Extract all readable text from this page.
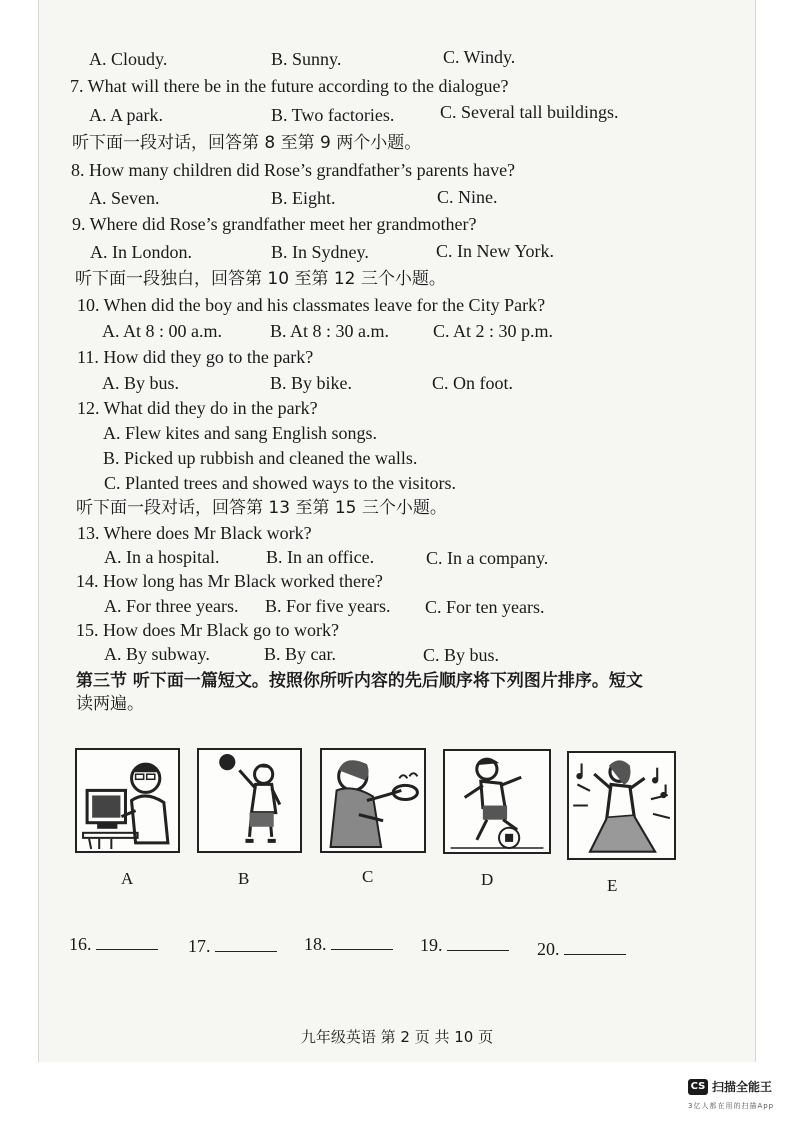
A. Cloudy.	B. Sunny.	C. Windy.
7. What will there be in the future according to the dialogue?
A. A park.	B. Two factories.	C. Several tall buildings.
听下面一段对话，回答第 8 至第 9 两个小题。
8. How many children did Rose’s grandfather’s parents have?
A. Seven.	B. Eight.	C. Nine.
9. Where did Rose’s grandfather meet her grandmother?
A. In London.	B. In Sydney.	C. In New York.
听下面一段独白，回答第 10 至第 12 三个小题。
10. When did the boy and his classmates leave for the City Park?
A. At 8 : 00 a.m.	B. At 8 : 30 a.m. C. At 2 : 30 p.m.
11. How did they go to the park?
A. By bus.	B. By bike.	C. On foot.
12. What did they do in the park?
A. Flew kites and sang English songs.
B. Picked up rubbish and cleaned the walls.
C. Planted trees and showed ways to the visitors.
听下面一段对话，回答第 13 至第 15 三个小题。
13. Where does Mr Black work?
A. In a hospital.	B. In an office.	C. In a company.
14. How long has Mr Black worked there?
A. For three years. B. For five years. C. For ten years.
15. How does Mr Black go to work?
A. By subway.	B. By car.	C. By bus.
第三节 听下面一篇短文。按照你所听内容的先后顺序将下列图片排序。短文
读两遍。
A	B	C	D	E
16.	17.	18.	19.	20.
九年级英语 第 2 页 共 10 页
CS 扫描全能王
3亿人都在用的扫描App
